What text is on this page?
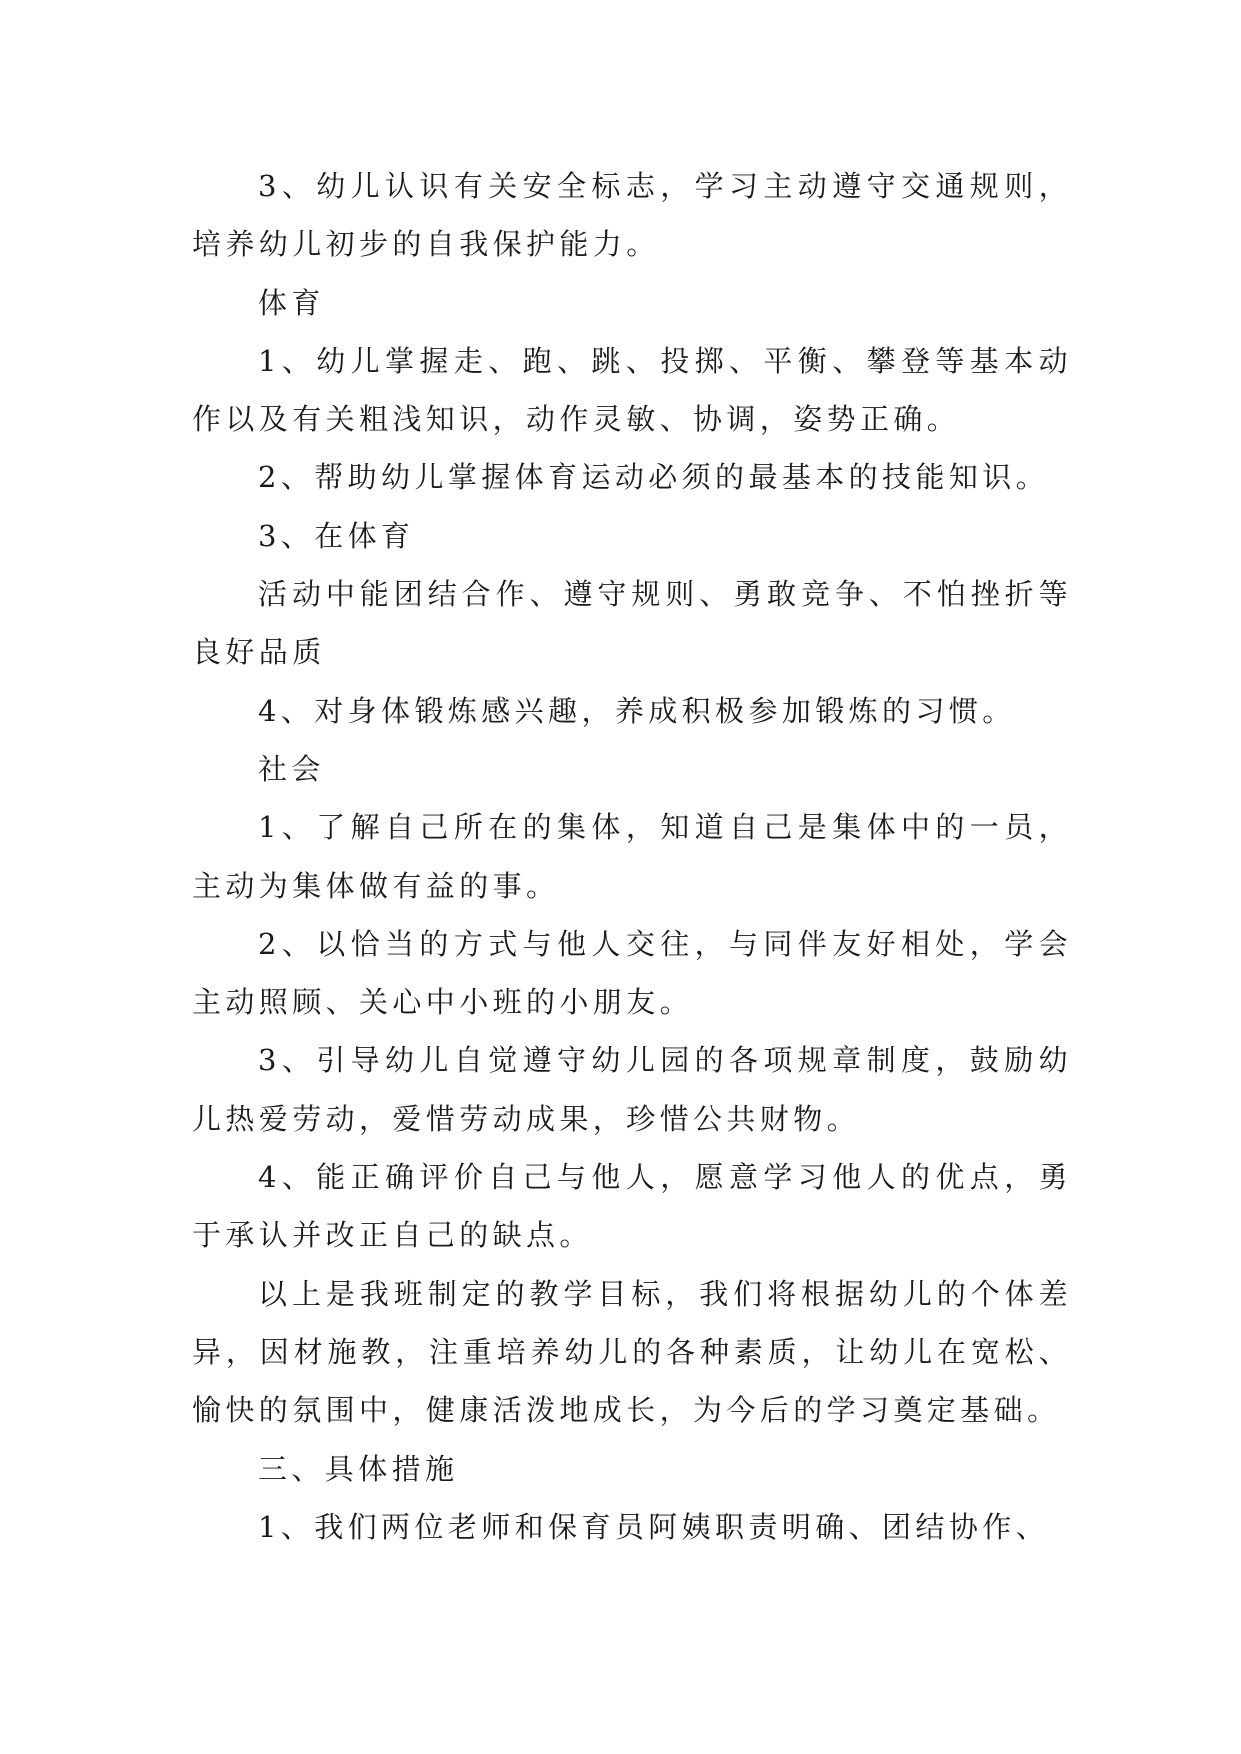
3、幼儿认识有关安全标志，学习主动遵守交通规则，培养幼儿初步的自我保护能力。

体育

1、幼儿掌握走、跑、跳、投掷、平衡、攀登等基本动作以及有关粗浅知识，动作灵敏、协调，姿势正确。

2、帮助幼儿掌握体育运动必须的最基本的技能知识。

3、在体育

活动中能团结合作、遵守规则、勇敢竞争、不怕挫折等良好品质

4、对身体锻炼感兴趣，养成积极参加锻炼的习惯。

社会

1、了解自己所在的集体，知道自己是集体中的一员，主动为集体做有益的事。

2、以恰当的方式与他人交往，与同伴友好相处，学会主动照顾、关心中小班的小朋友。

3、引导幼儿自觉遵守幼儿园的各项规章制度，鼓励幼儿热爱劳动，爱惜劳动成果，珍惜公共财物。

4、能正确评价自己与他人，愿意学习他人的优点，勇于承认并改正自己的缺点。

以上是我班制定的教学目标，我们将根据幼儿的个体差异，因材施教，注重培养幼儿的各种素质，让幼儿在宽松、愉快的氛围中，健康活泼地成长，为今后的学习奠定基础。

三、具体措施

1、我们两位老师和保育员阿姨职责明确、团结协作、
